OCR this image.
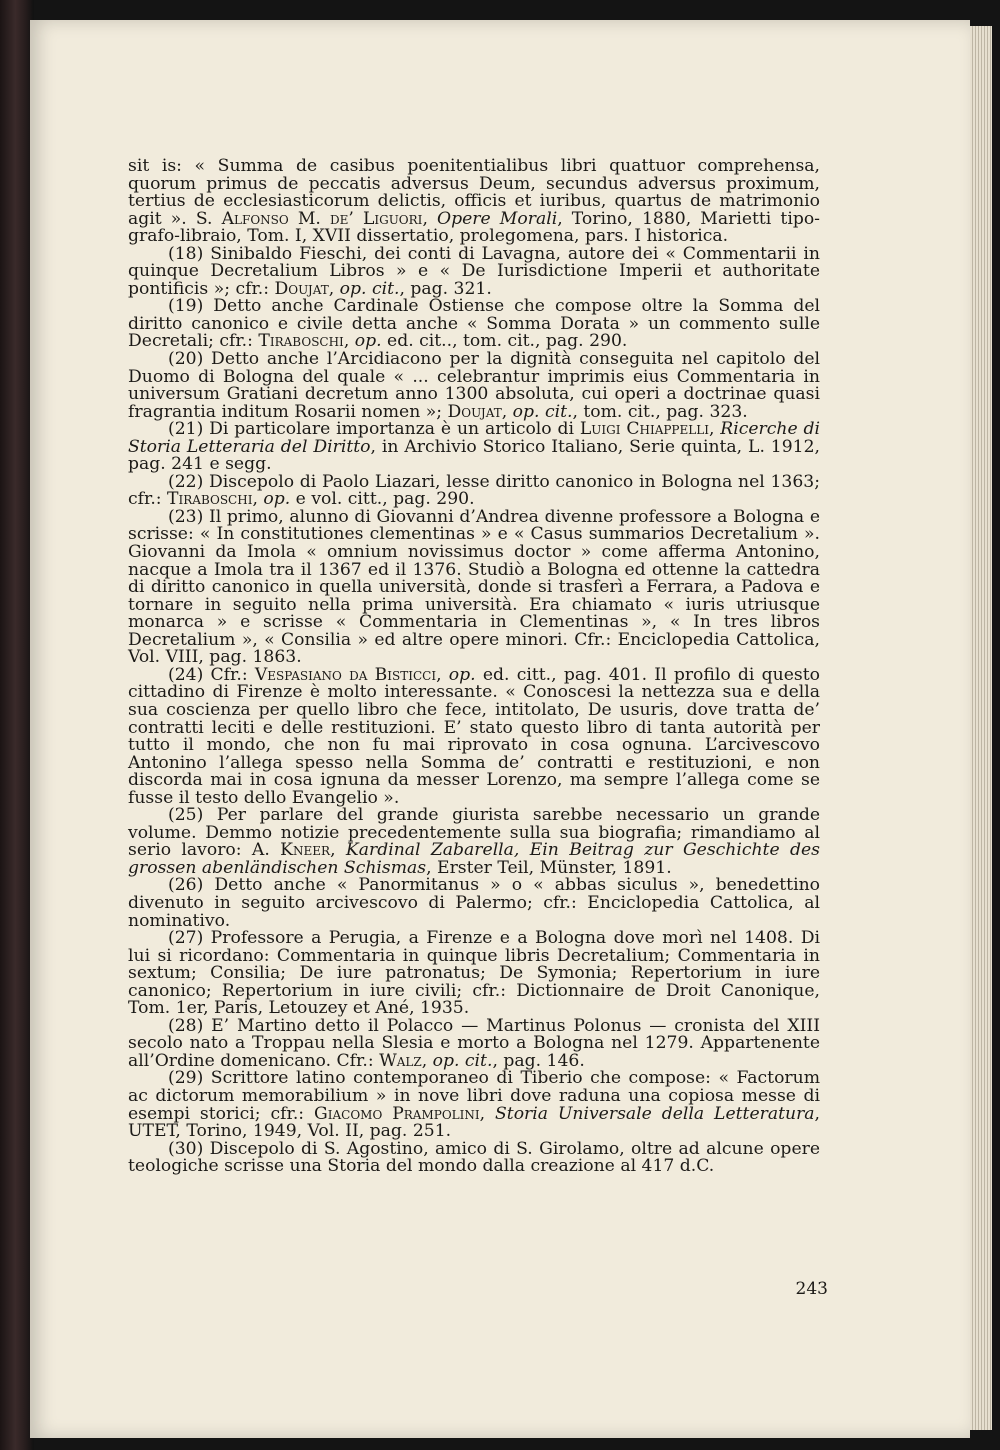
sit is: « Summa de casibus poenitentialibus libri quattuor comprehensa, quorum primus de peccatis adversus Deum, secundus adversus proximum, tertius de ecclesiasticorum delictis, officis et iuribus, quartus de matrimonio agit ». S. Alfonso M. de’ Liguori, Opere Morali, Torino, 1880, Marietti tipo-grafo-libraio, Tom. I, XVII dissertatio, prolegomena, pars. I historica.

(18) Sinibaldo Fieschi, dei conti di Lavagna, autore dei « Commentarii in quinque Decretalium Libros » e « De Iurisdictione Imperii et authoritate pontificis »; cfr.: Doujat, op. cit., pag. 321.

(19) Detto anche Cardinale Ostiense che compose oltre la Somma del diritto canonico e civile detta anche « Somma Dorata » un commento sulle Decretali; cfr.: Tiraboschi, op. ed. cit.., tom. cit., pag. 290.

(20) Detto anche l’Arcidiacono per la dignità conseguita nel capitolo del Duomo di Bologna del quale « ... celebrantur imprimis eius Commentaria in universum Gratiani decretum anno 1300 absoluta, cui operi a doctrinae quasi fragrantia inditum Rosarii nomen »; Doujat, op. cit., tom. cit., pag. 323.

(21) Di particolare importanza è un articolo di Luigi Chiappelli, Ricerche di Storia Letteraria del Diritto, in Archivio Storico Italiano, Serie quinta, L. 1912, pag. 241 e segg.

(22) Discepolo di Paolo Liazari, lesse diritto canonico in Bologna nel 1363; cfr.: Tiraboschi, op. e vol. citt., pag. 290.

(23) Il primo, alunno di Giovanni d’Andrea divenne professore a Bologna e scrisse: « In constitutiones clementinas » e « Casus summarios Decretalium ». Giovanni da Imola « omnium novissimus doctor » come afferma Antonino, nacque a Imola tra il 1367 ed il 1376. Studiò a Bologna ed ottenne la cattedra di diritto canonico in quella università, donde si trasferì a Ferrara, a Padova e tornare in seguito nella prima università. Era chiamato « iuris utriusque monarca » e scrisse « Commentaria in Clementinas », « In tres libros Decretalium », « Consilia » ed altre opere minori. Cfr.: Enciclopedia Cattolica, Vol. VIII, pag. 1863.

(24) Cfr.: Vespasiano da Bisticci, op. ed. citt., pag. 401. Il profilo di questo cittadino di Firenze è molto interessante. « Conoscesi la nettezza sua e della sua coscienza per quello libro che fece, intitolato, De usuris, dove tratta de’ contratti leciti e delle restituzioni. E’ stato questo libro di tanta autorità per tutto il mondo, che non fu mai riprovato in cosa ognuna. L’arcivescovo Antonino l’allega spesso nella Somma de’ contratti e restituzioni, e non discorda mai in cosa ignuna da messer Lorenzo, ma sempre l’allega come se fusse il testo dello Evangelio ».

(25) Per parlare del grande giurista sarebbe necessario un grande volume. Demmo notizie precedentemente sulla sua biografia; rimandiamo al serio lavoro: A. Kneer, Kardinal Zabarella, Ein Beitrag zur Geschichte des grossen abenländischen Schismas, Erster Teil, Münster, 1891.

(26) Detto anche « Panormitanus » o « abbas siculus », benedettino divenuto in seguito arcivescovo di Palermo; cfr.: Enciclopedia Cattolica, al nominativo.

(27) Professore a Perugia, a Firenze e a Bologna dove morì nel 1408. Di lui si ricordano: Commentaria in quinque libris Decretalium; Commentaria in sextum; Consilia; De iure patronatus; De Symonia; Repertorium in iure canonico; Repertorium in iure civili; cfr.: Dictionnaire de Droit Canonique, Tom. 1er, Paris, Letouzey et Ané, 1935.

(28) E’ Martino detto il Polacco — Martinus Polonus — cronista del XIII secolo nato a Troppau nella Slesia e morto a Bologna nel 1279. Appartenente all’Ordine domenicano. Cfr.: Walz, op. cit., pag. 146.

(29) Scrittore latino contemporaneo di Tiberio che compose: « Factorum ac dictorum memorabilium » in nove libri dove raduna una copiosa messe di esempi storici; cfr.: Giacomo Prampolini, Storia Universale della Letteratura, UTET, Torino, 1949, Vol. II, pag. 251.

(30) Discepolo di S. Agostino, amico di S. Girolamo, oltre ad alcune opere teologiche scrisse una Storia del mondo dalla creazione al 417 d.C.

243
